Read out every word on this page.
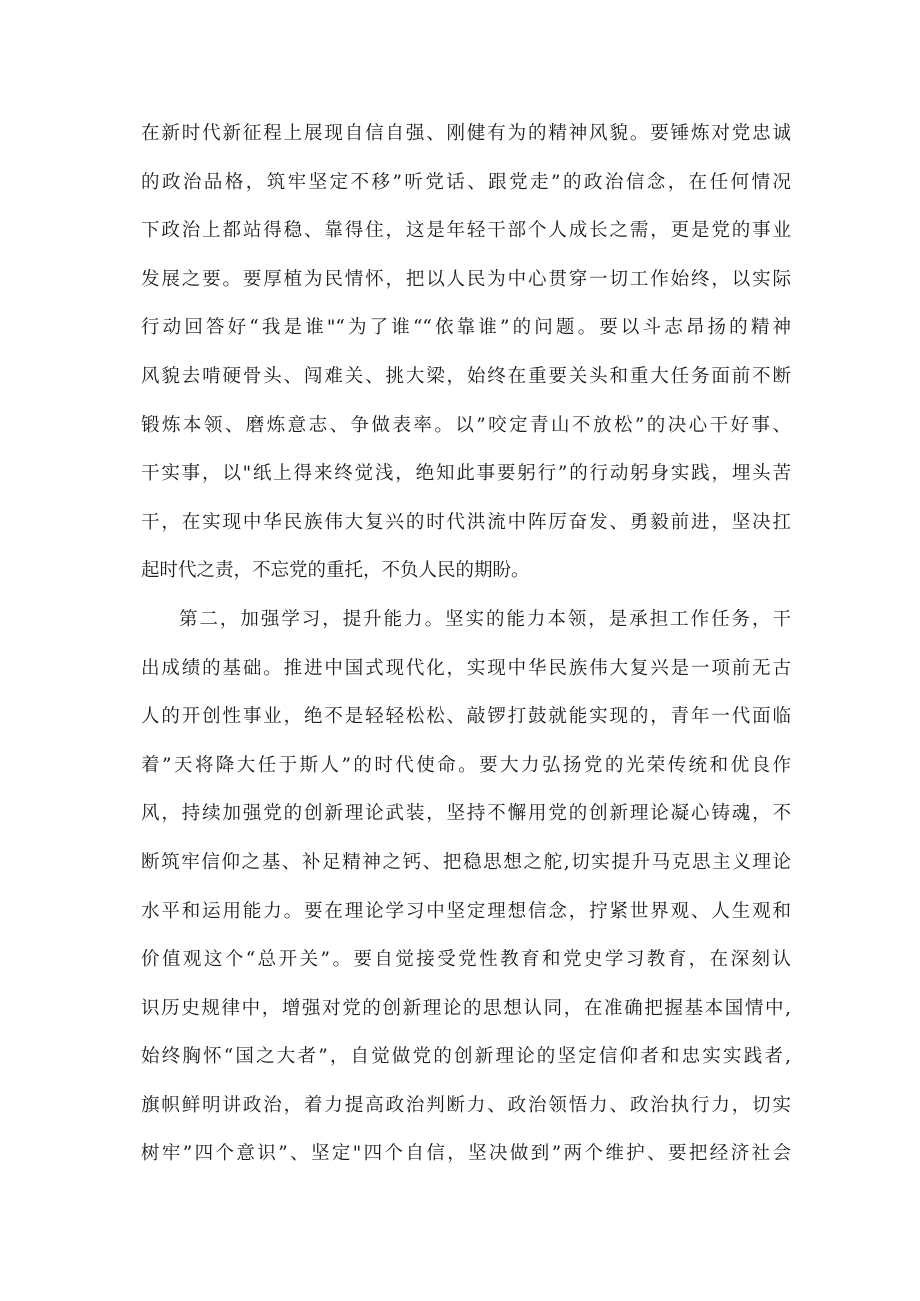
在新时代新征程上展现自信自强、刚健有为的精神风貌。要锤炼对党忠诚
的政治品格，筑牢坚定不移”听党话、跟党走”的政治信念，在任何情况
下政治上都站得稳、靠得住，这是年轻干部个人成长之需，更是党的事业
发展之要。要厚植为民情怀，把以人民为中心贯穿一切工作始终，以实际
行动回答好“我是谁"“为了谁““依靠谁”的问题。要以斗志昂扬的精神
风貌去啃硬骨头、闯难关、挑大梁，始终在重要关头和重大任务面前不断
锻炼本领、磨炼意志、争做表率。以”咬定青山不放松”的决心干好事、
干实事，以"纸上得来终觉浅，绝知此事要躬行”的行动躬身实践，埋头苦
干，在实现中华民族伟大复兴的时代洪流中阵厉奋发、勇毅前进，坚决扛
起时代之责，不忘党的重托，不负人民的期盼。
第二，加强学习，提升能力。坚实的能力本领，是承担工作任务，干
出成绩的基础。推进中国式现代化，实现中华民族伟大复兴是一项前无古
人的开创性事业，绝不是轻轻松松、敲锣打鼓就能实现的，青年一代面临
着”天将降大任于斯人”的时代使命。要大力弘扬党的光荣传统和优良作
风，持续加强党的创新理论武装，坚持不懈用党的创新理论凝心铸魂，不
断筑牢信仰之基、补足精神之钙、把稳思想之舵,切实提升马克思主义理论
水平和运用能力。要在理论学习中坚定理想信念，拧紧世界观、人生观和
价值观这个“总开关”。要自觉接受党性教育和党史学习教育，在深刻认
识历史规律中，增强对党的创新理论的思想认同，在准确把握基本国情中,
始终胸怀“国之大者”，自觉做党的创新理论的坚定信仰者和忠实实践者,
旗帜鲜明讲政治，着力提高政治判断力、政治领悟力、政治执行力，切实
树牢”四个意识”、坚定"四个自信，坚决做到”两个维护、要把经济社会
